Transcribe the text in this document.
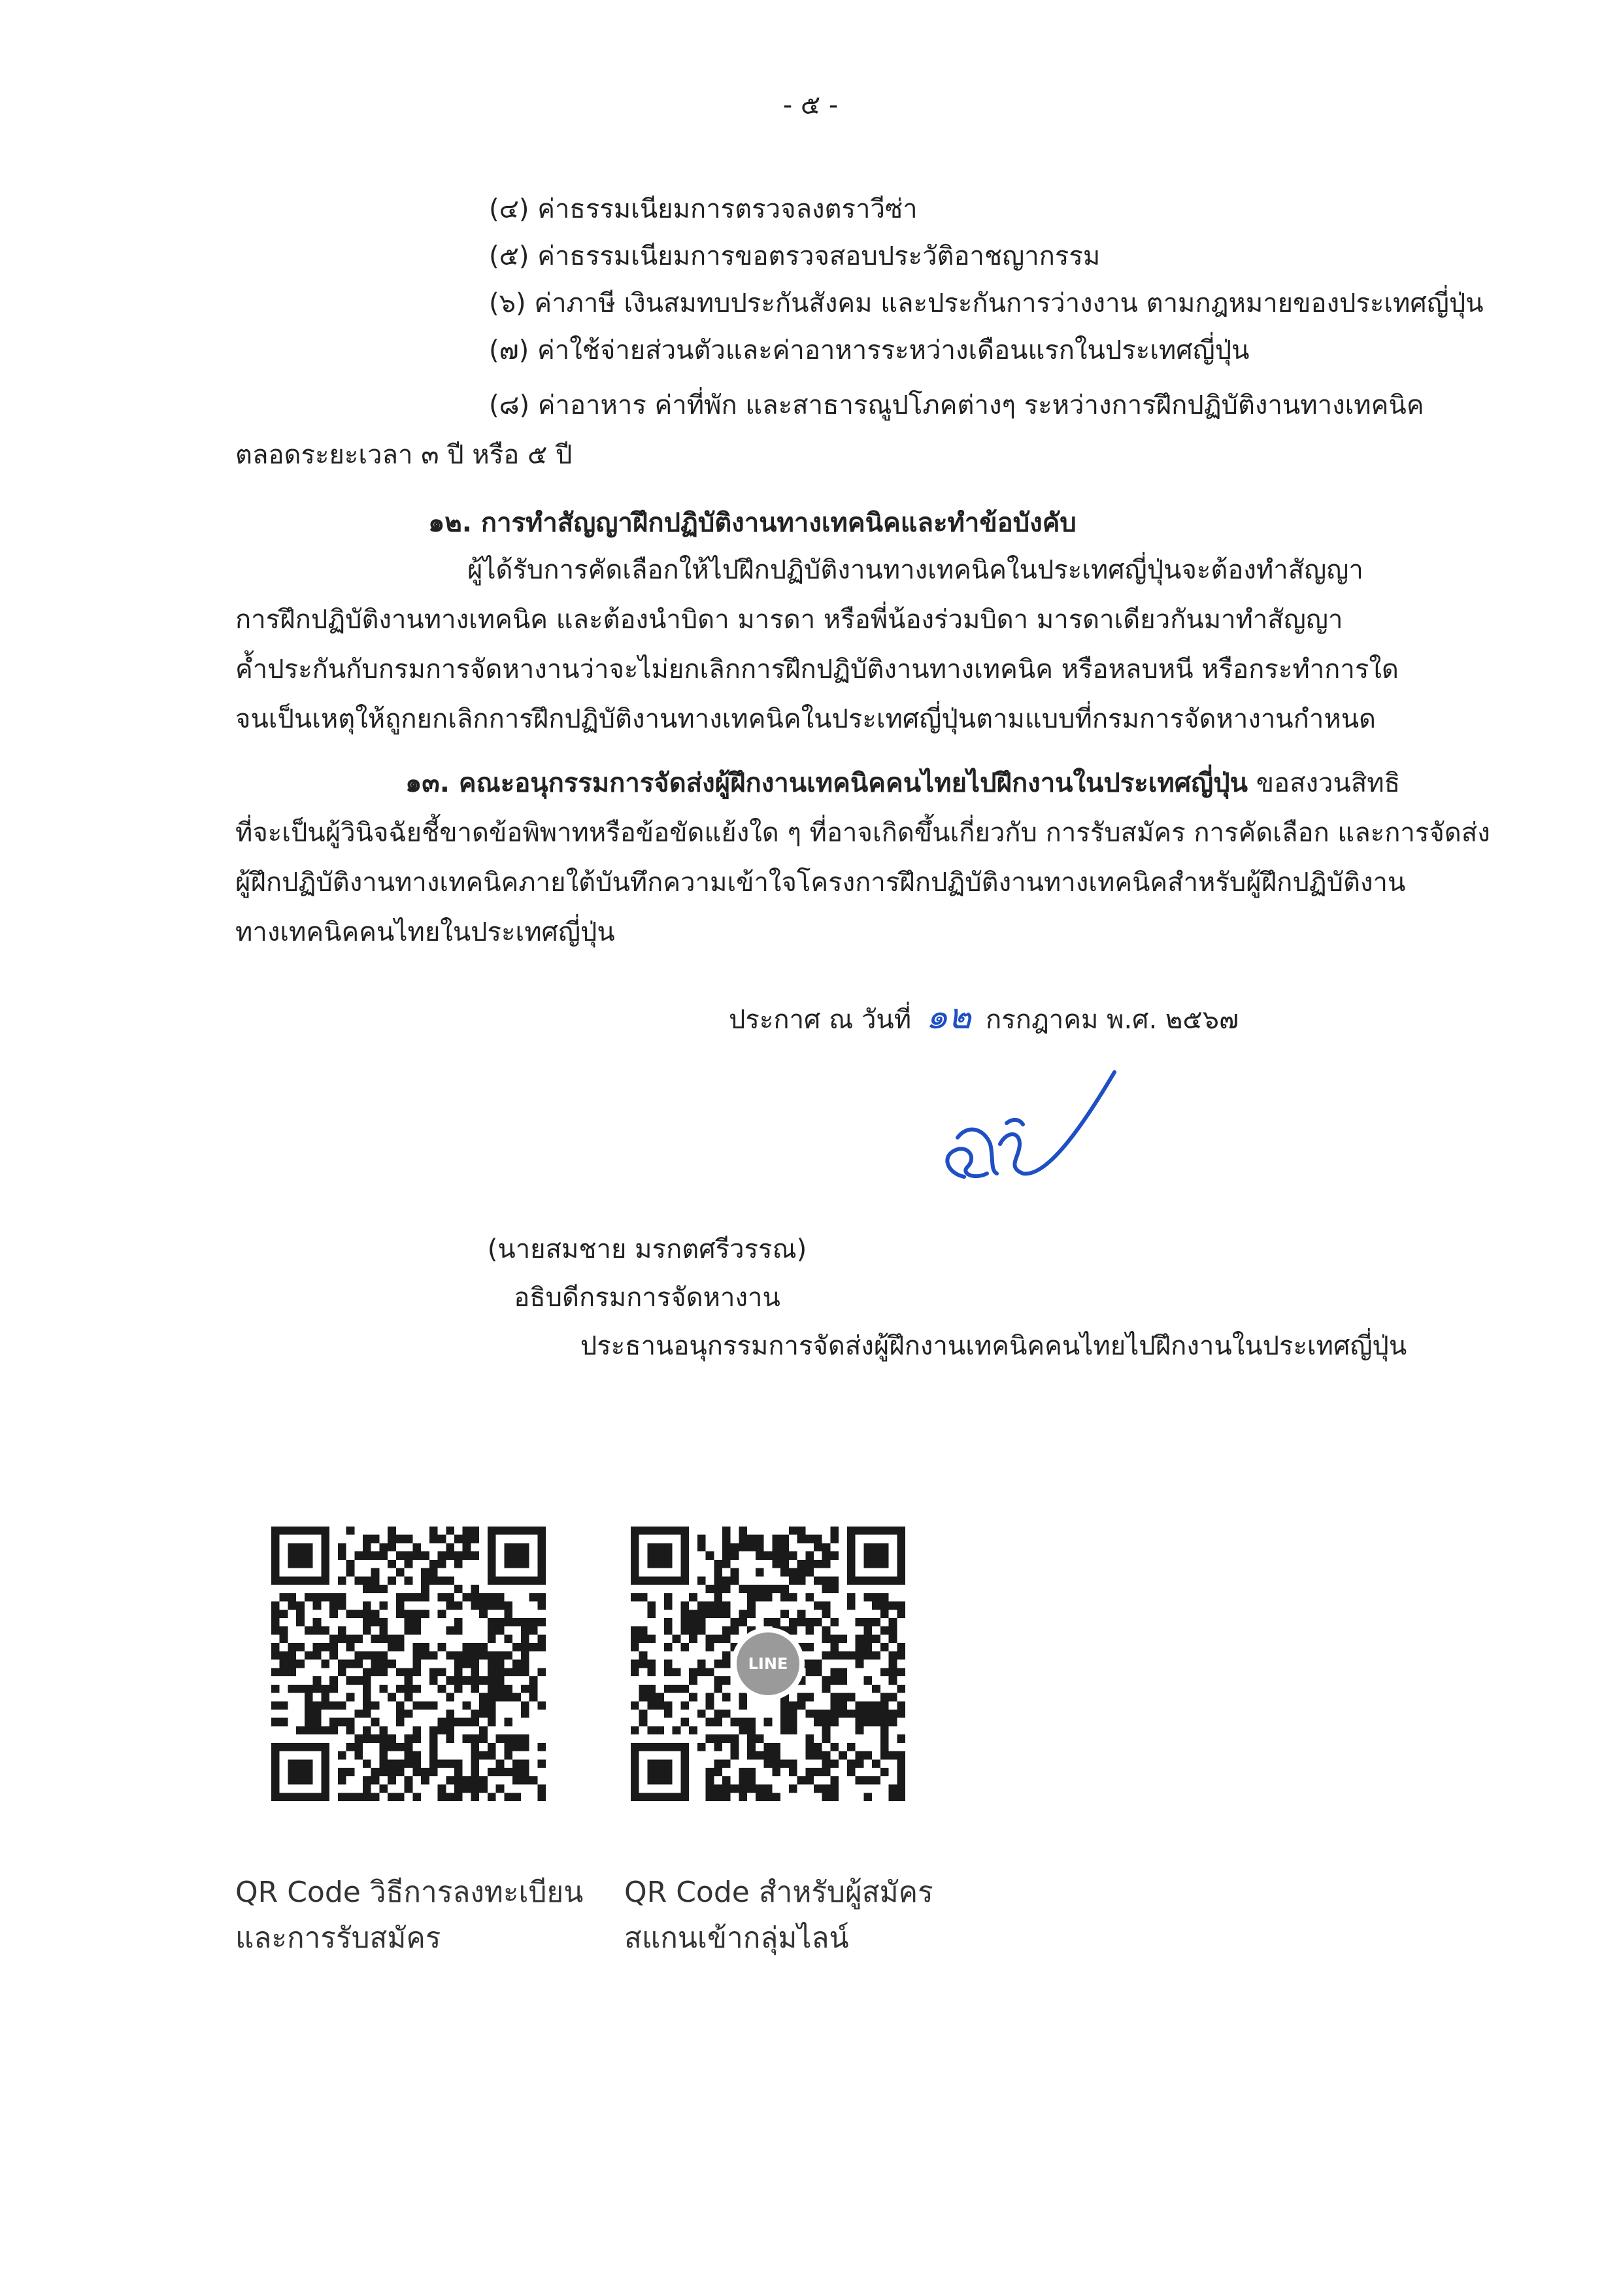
- ๕ -
(๔) ค่าธรรมเนียมการตรวจลงตราวีซ่า
(๕) ค่าธรรมเนียมการขอตรวจสอบประวัติอาชญากรรม
(๖) ค่าภาษี เงินสมทบประกันสังคม และประกันการว่างงาน ตามกฎหมายของประเทศญี่ปุ่น
(๗) ค่าใช้จ่ายส่วนตัวและค่าอาหารระหว่างเดือนแรกในประเทศญี่ปุ่น
(๘) ค่าอาหาร ค่าที่พัก และสาธารณูปโภคต่างๆ ระหว่างการฝึกปฏิบัติงานทางเทคนิค
ตลอดระยะเวลา ๓ ปี หรือ ๕ ปี
๑๒. การทำสัญญาฝึกปฏิบัติงานทางเทคนิคและทำข้อบังคับ
ผู้ได้รับการคัดเลือกให้ไปฝึกปฏิบัติงานทางเทคนิคในประเทศญี่ปุ่นจะต้องทำสัญญา
การฝึกปฏิบัติงานทางเทคนิค และต้องนำบิดา มารดา หรือพี่น้องร่วมบิดา มารดาเดียวกันมาทำสัญญา
ค้ำประกันกับกรมการจัดหางานว่าจะไม่ยกเลิกการฝึกปฏิบัติงานทางเทคนิค หรือหลบหนี หรือกระทำการใด
จนเป็นเหตุให้ถูกยกเลิกการฝึกปฏิบัติงานทางเทคนิคในประเทศญี่ปุ่นตามแบบที่กรมการจัดหางานกำหนด
๑๓. คณะอนุกรรมการจัดส่งผู้ฝึกงานเทคนิคคนไทยไปฝึกงานในประเทศญี่ปุ่น ขอสงวนสิทธิ
ที่จะเป็นผู้วินิจฉัยชี้ขาดข้อพิพาทหรือข้อขัดแย้งใด ๆ ที่อาจเกิดขึ้นเกี่ยวกับ การรับสมัคร การคัดเลือก และการจัดส่ง
ผู้ฝึกปฏิบัติงานทางเทคนิคภายใต้บันทึกความเข้าใจโครงการฝึกปฏิบัติงานทางเทคนิคสำหรับผู้ฝึกปฏิบัติงาน
ทางเทคนิคคนไทยในประเทศญี่ปุ่น
ประกาศ ณ วันที่ ๑๒ กรกฎาคม พ.ศ. ๒๕๖๗
(นายสมชาย มรกตศรีวรรณ)
อธิบดีกรมการจัดหางาน
ประธานอนุกรรมการจัดส่งผู้ฝึกงานเทคนิคคนไทยไปฝึกงานในประเทศญี่ปุ่น
LINE
QR Code วิธีการลงทะเบียน
และการรับสมัคร
QR Code สำหรับผู้สมัคร
สแกนเข้ากลุ่มไลน์
